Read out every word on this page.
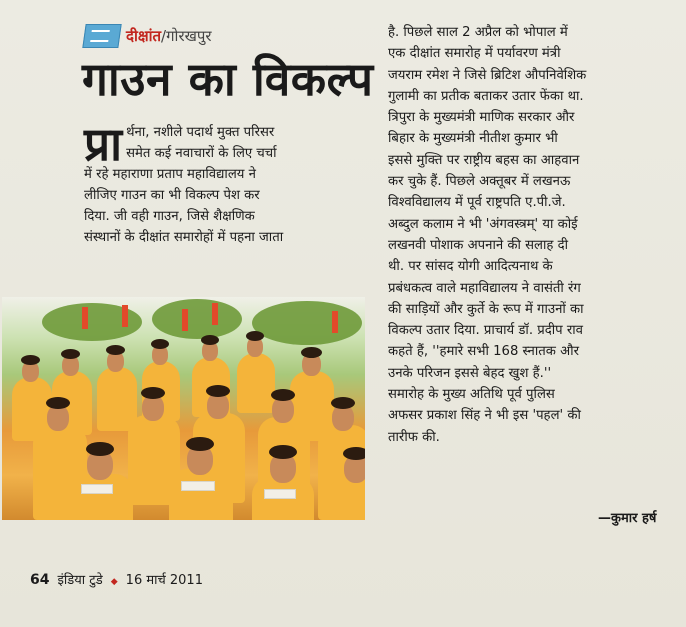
दीक्षांत/गोरखपुर
गाउन का विकल्प
प्रा र्थना, नशीले पदार्थ मुक्त परिसर
समेत कई नवाचारों के लिए चर्चा
में रहे महाराणा प्रताप महाविद्यालय ने
लीजिए गाउन का भी विकल्प पेश कर
दिया. जी वही गाउन, जिसे शैक्षणिक
संस्थानों के दीक्षांत समारोहों में पहना जाता
है. पिछले साल 2 अप्रैल को भोपाल में
एक दीक्षांत समारोह में पर्यावरण मंत्री
जयराम रमेश ने जिसे ब्रिटिश औपनिवेशिक
गुलामी का प्रतीक बताकर उतार फेंका था.
त्रिपुरा के मुख्यमंत्री माणिक सरकार और
बिहार के मुख्यमंत्री नीतीश कुमार भी
इससे मुक्ति पर राष्ट्रीय बहस का आहवान
कर चुके हैं. पिछले अक्तूबर में लखनऊ
विश्वविद्यालय में पूर्व राष्ट्रपति ए.पी.जे.
अब्दुल कलाम ने भी 'अंगवस्त्रम्' या कोई
लखनवी पोशाक अपनाने की सलाह दी
थी. पर सांसद योगी आदित्यनाथ के
प्रबंधकत्व वाले महाविद्यालय ने वासंती रंग
की साड़ियों और कुर्ते के रूप में गाउनों का
विकल्प उतार दिया. प्राचार्य डॉ. प्रदीप राव
कहते हैं, ''हमारे सभी 168 स्नातक और
उनके परिजन इससे बेहद खुश हैं.''
समारोह के मुख्य अतिथि पूर्व पुलिस
अफसर प्रकाश सिंह ने भी इस 'पहल' की
तारीफ की.
—कुमार हर्ष
64 इंडिया टुडे ◆ 16 मार्च 2011
